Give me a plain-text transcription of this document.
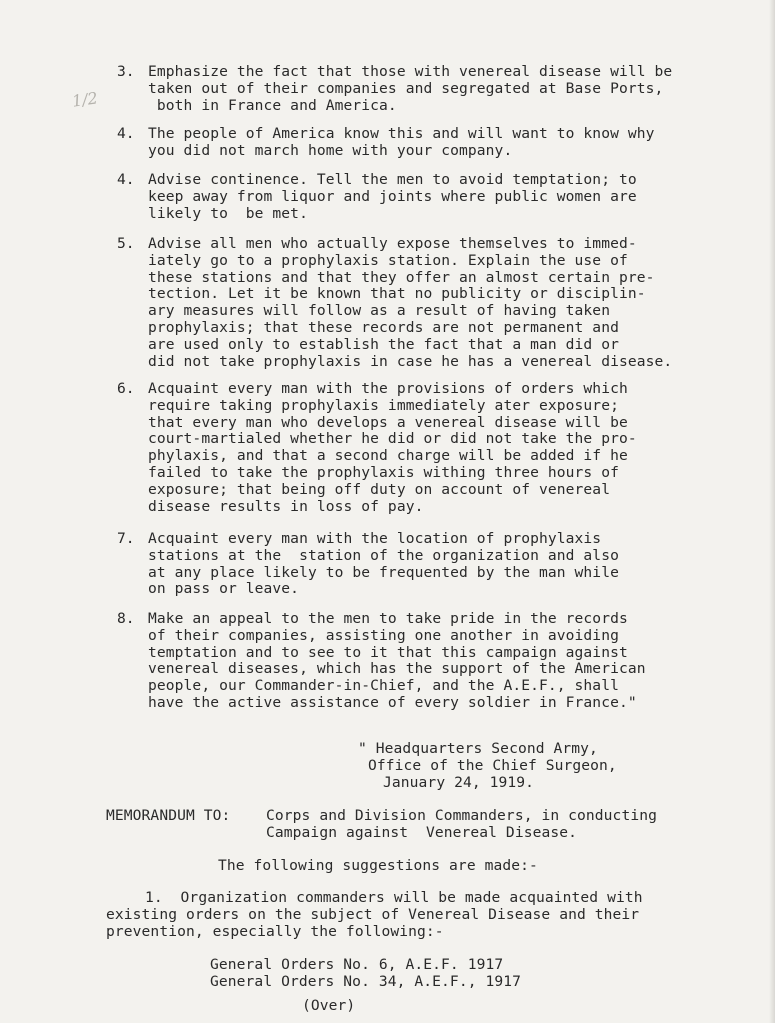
1/2
3. Emphasize the fact that those with venereal disease will be
taken out of their companies and segregated at Base Ports,
both in France and America.
4. The people of America know this and will want to know why
you did not march home with your company.
4. Advise continence. Tell the men to avoid temptation; to
keep away from liquor and joints where public women are
likely to  be met.
5. Advise all men who actually expose themselves to immed-
iately go to a prophylaxis station. Explain the use of
these stations and that they offer an almost certain pre-
tection. Let it be known that no publicity or disciplin-
ary measures will follow as a result of having taken
prophylaxis; that these records are not permanent and
are used only to establish the fact that a man did or
did not take prophylaxis in case he has a venereal disease.
6. Acquaint every man with the provisions of orders which
require taking prophylaxis immediately ater exposure;
that every man who develops a venereal disease will be
court-martialed whether he did or did not take the pro-
phylaxis, and that a second charge will be added if he
failed to take the prophylaxis withing three hours of
exposure; that being off duty on account of venereal
disease results in loss of pay.
7. Acquaint every man with the location of prophylaxis
stations at the  station of the organization and also
at any place likely to be frequented by the man while
on pass or leave.
8. Make an appeal to the men to take pride in the records
of their companies, assisting one another in avoiding
temptation and to see to it that this campaign against
venereal diseases, which has the support of the American
people, our Commander-in-Chief, and the A.E.F., shall
have the active assistance of every soldier in France."
" Headquarters Second Army,
Office of the Chief Surgeon,
January 24, 1919.
MEMORANDUM TO: Corps and Division Commanders, in conducting
Campaign against  Venereal Disease.
The following suggestions are made:-
1.  Organization commanders will be made acquainted with
existing orders on the subject of Venereal Disease and their
prevention, especially the following:-
General Orders No. 6, A.E.F. 1917
General Orders No. 34, A.E.F., 1917
(Over)
